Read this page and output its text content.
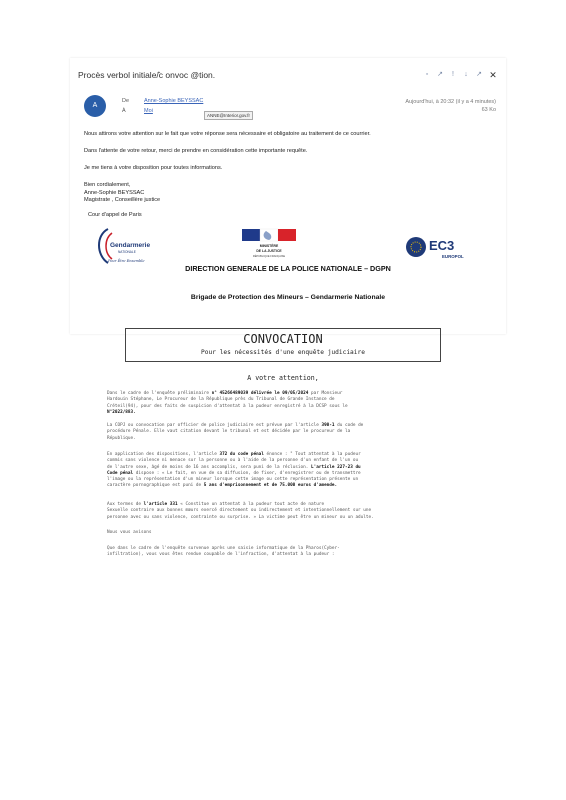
Procès verbol initiale/̂c onvoc @tion.	▫	↗	!	↓	↗ ✕
A
De	Anne-Sophie BEYSSAC
À	Moi
ANNE@Interior.gov.fr
Aujourd'hui, à 20:32 (il y a 4 minutes)
63 Ko
Nous attirons votre attention sur le fait que votre réponse sera nécessaire et obligatoire au traitement de ce courrier.
Dans l'attente de votre retour, merci de prendre en considération cette importante requête.
Je me tiens à votre disposition pour toutes informations.
Bien cordialement,
Anne-Sophie BEYSSAC
Magistrate , Conseillère justice
Cour d'appel de Paris
Gendarmerie
NATIONALE
Pour Être Ensemble
MINISTÈRE
DE LA JUSTICE
RÉPUBLIQUE FRANÇAISE
EC3
EUROPOL
DIRECTION GENERALE DE LA POLICE NATIONALE – DGPN
Brigade de Protection des Mineurs – Gendarmerie Nationale
CONVOCATION
Pour les nécessités d'une enquête judiciaire
A votre attention,
Dans le cadre de l'enquête préliminaire n° 45266489039 délivrée le 09/05/2024 par Monsieur
Hardouin Stéphane, Le Procureur de la République près du Tribunal de Grande Instance de
Créteil(94), pour des faits de suspicion d'attentat à la pudeur enregistré à la DCSP sous le
N°2022/883.
La COPJ ou convocation par officier de police judiciaire est prévue par l'article 390-1 du code de
procédure Pénale. Elle vaut citation devant le tribunal et est décidée par le procureur de la
République.
En application des dispositions, l'article 372 du code pénal énonce : " Tout attentat à la pudeur
commis sans violence ni menace sur la personne ou à l'aide de la personne d'un enfant de l'un ou
de l'autre sexe, âgé de moins de 16 ans accomplis, sera puni de la réclusion. L'article 227-23 du
Code pénal dispose : « Le fait, en vue de sa diffusion, de fixer, d'enregistrer ou de transmettre
l'image ou la représentation d'un mineur lorsque cette image ou cette représentation présente un
caractère pornographique est puni de 5 ans d'emprisonnement et de 75.000 euros d'amende.
Aux termes de l'article 331 « Constitue un attentat à la pudeur tout acte de nature
Sexuelle contraire aux bonnes mœurs exercé directement ou indirectement et intentionnellement sur une
personne avec ou sans violence, contrainte ou surprise. » La victime peut être un mineur ou un adulte.
Nous vous avisons
Que dans le cadre de l'enquête survenue après une saisie informatique de la Pharos(Cyber-
infiltration), vous vous êtes rendue coupable de l'infraction, d'attentat à la pudeur :
